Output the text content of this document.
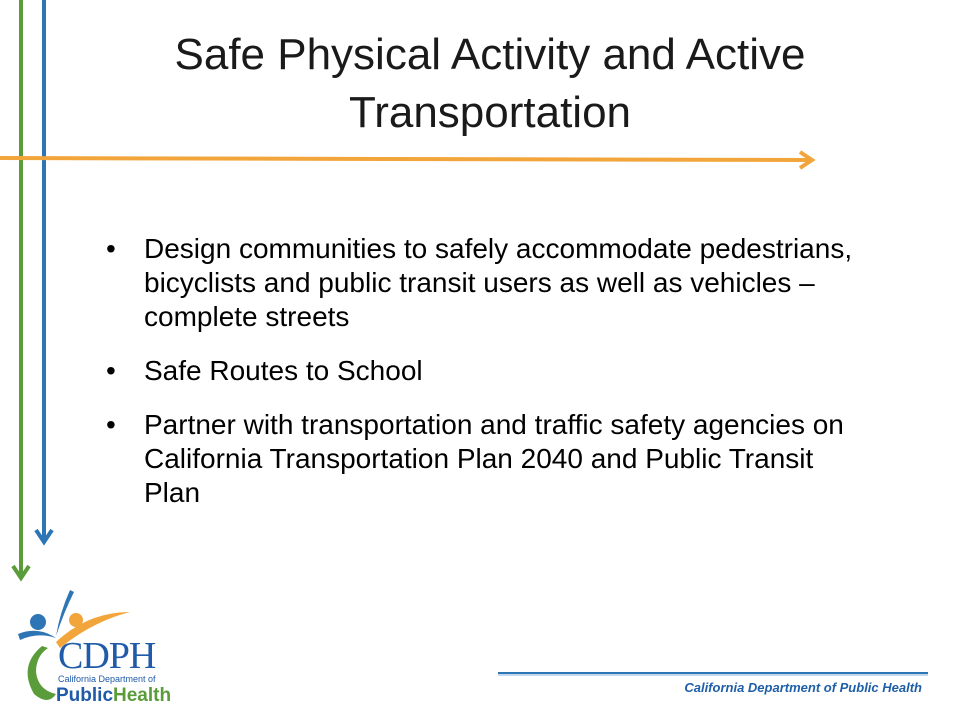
Safe Physical Activity and Active Transportation
• Design communities to safely accommodate pedestrians, bicyclists and public transit users as well as vehicles – complete streets
• Safe Routes to School
• Partner with transportation and traffic safety agencies on California Transportation Plan 2040 and Public Transit Plan
CDPH
California Department of
PublicHealth	California Department of Public Health
